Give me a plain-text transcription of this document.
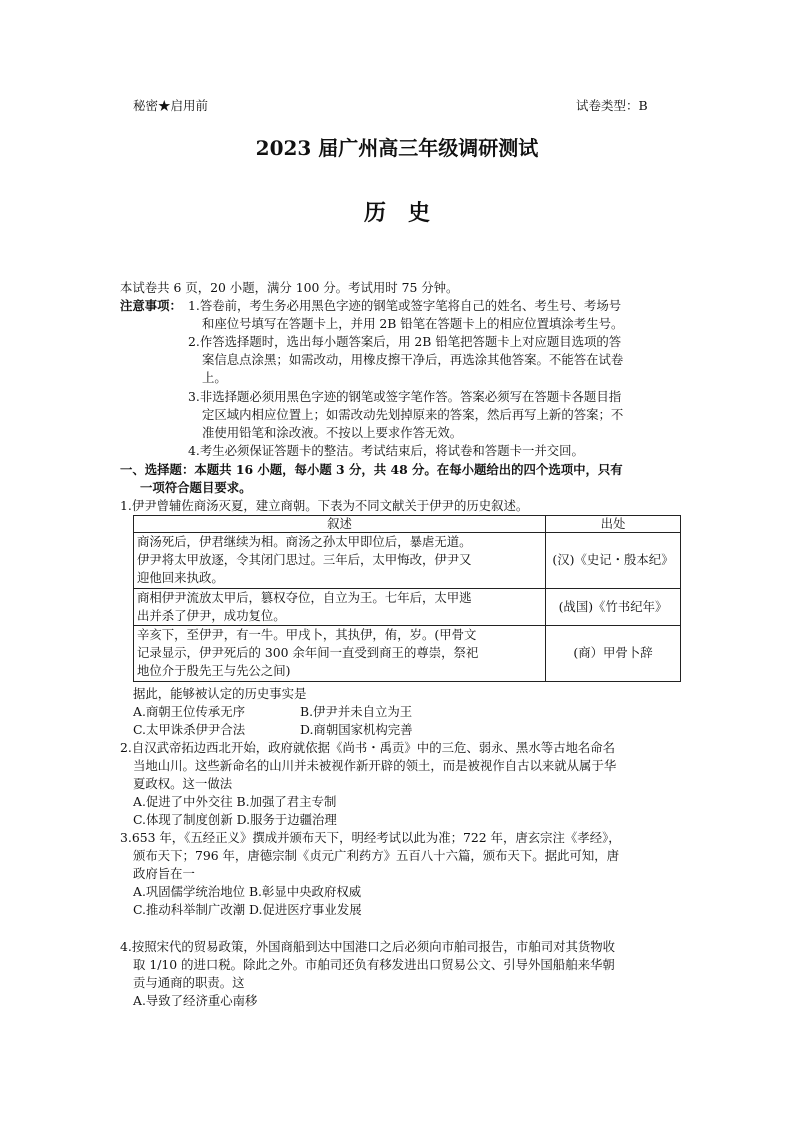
秘密★启用前	试卷类型：B
2023 届广州高三年级调研测试
历史
本试卷共 6 页，20 小题，满分 100 分。考试用时 75 分钟。
注意事项： 1.答卷前，考生务必用黑色字迹的钢笔或签字笔将自己的姓名、考生号、考场号
和座位号填写在答题卡上，并用 2B 铅笔在答题卡上的相应位置填涂考生号。
2.作答选择题时，选出每小题答案后，用 2B 铅笔把答题卡上对应题目选项的答
案信息点涂黑；如需改动，用橡皮擦干净后，再选涂其他答案。不能答在试卷
上。
3.非选择题必须用黑色字迹的钢笔或签字笔作答。答案必须写在答题卡各题目指
定区域内相应位置上；如需改动先划掉原来的答案，然后再写上新的答案；不
准使用铅笔和涂改液。不按以上要求作答无效。
4.考生必须保证答题卡的整洁。考试结束后，将试卷和答题卡一并交回。
一、选择题：本题共 16 小题，每小题 3 分，共 48 分。在每小题给出的四个选项中，只有
一项符合题目要求。
1.伊尹曾辅佐商汤灭夏，建立商朝。下表为不同文献关于伊尹的历史叙述。
叙述	出处

商汤死后，伊君继续为相。商汤之孙太甲即位后，暴虐无道。
伊尹将太甲放逐，令其闭门思过。三年后，太甲悔改，伊尹又
迎他回来执政。	(汉)《史记・殷本纪》

商相伊尹流放太甲后，篡权夺位，自立为王。七年后，太甲逃
出并杀了伊尹，成功复位。	(战国)《竹书纪年》

辛亥下，至伊尹，有一牛。甲戌卜，其执伊，侑，岁。(甲骨文
记录显示，伊尹死后的 300 余年间一直受到商王的尊崇，祭祀
地位介于殷先王与先公之间)	(商）甲骨卜辞
据此，能够被认定的历史事实是
A.商朝王位传承无序	B.伊尹并未自立为王
C.太甲诛杀伊尹合法	D.商朝国家机构完善
2.自汉武帝拓边西北开始，政府就依据《尚书・禹贡》中的三危、弱永、黑水等古地名命名
当地山川。这些新命名的山川并未被视作新开辟的领土，而是被视作自古以来就从属于华
夏政权。这一做法
A.促进了中外交往 B.加强了君主专制
C.体现了制度创新 D.服务于边疆治理
3.653 年，《五经正义》撰成并颁布天下，明经考试以此为准；722 年，唐玄宗注《孝经》，
颁布天下；796 年，唐德宗制《贞元广利药方》五百八十六篇，颁布天下。据此可知，唐
政府旨在一
A.巩固儒学统治地位 B.彰显中央政府权威
C.推动科举制广改潮 D.促进医疗事业发展
4.按照宋代的贸易政策，外国商船到达中国港口之后必须向市舶司报告，市舶司对其货物收
取 1/10 的进口税。除此之外。市舶司还负有移发进出口贸易公文、引导外国船舶来华朝
贡与通商的职责。这
A.导致了经济重心南移
